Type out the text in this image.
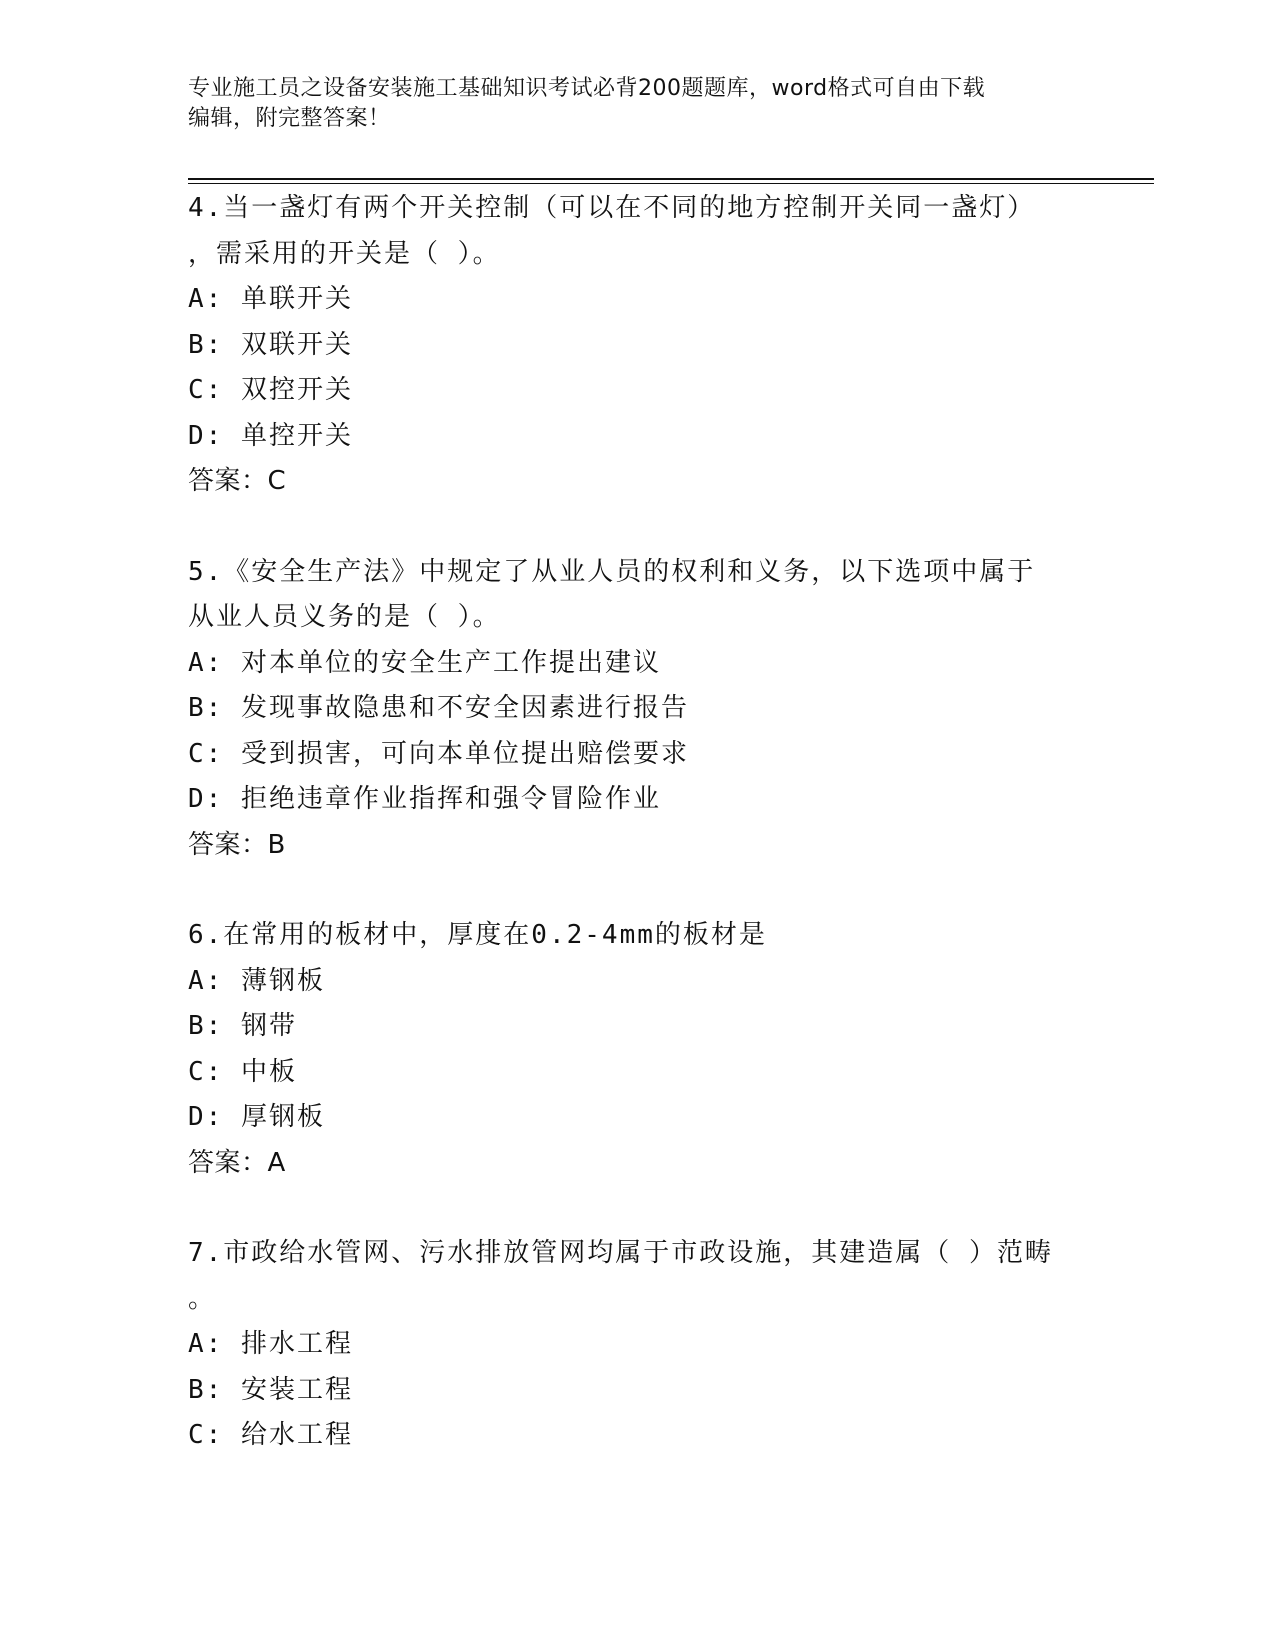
专业施工员之设备安装施工基础知识考试必背200题题库，word格式可自由下载
编辑，附完整答案！
4.当一盏灯有两个开关控制（可以在不同的地方控制开关同一盏灯）
，需采用的开关是（ ）。
A: 单联开关
B: 双联开关
C: 双控开关
D: 单控开关
答案：C
5.《安全生产法》中规定了从业人员的权利和义务，以下选项中属于
从业人员义务的是（ ）。
A: 对本单位的安全生产工作提出建议
B: 发现事故隐患和不安全因素进行报告
C: 受到损害，可向本单位提出赔偿要求
D: 拒绝违章作业指挥和强令冒险作业
答案：B
6.在常用的板材中，厚度在0.2-4mm的板材是
A: 薄钢板
B: 钢带
C: 中板
D: 厚钢板
答案：A
7.市政给水管网、污水排放管网均属于市政设施，其建造属（ ）范畴
。
A: 排水工程
B: 安装工程
C: 给水工程
